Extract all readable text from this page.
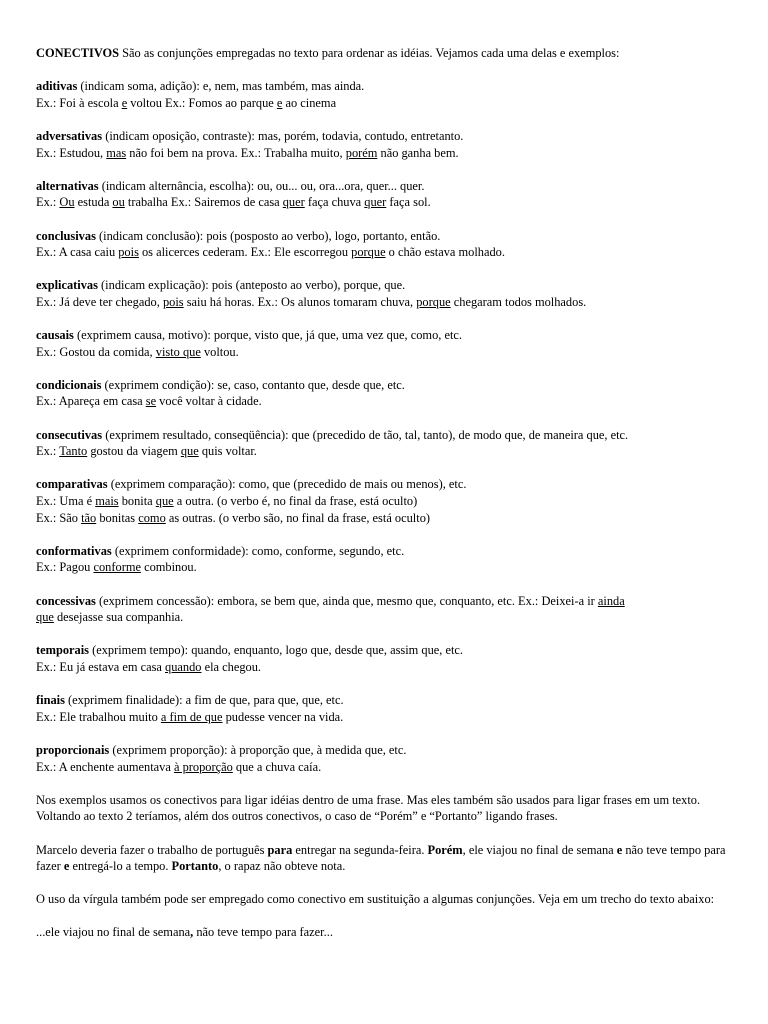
CONECTIVOS São as conjunções empregadas no texto para ordenar as idéias. Vejamos cada uma delas e exemplos:
aditivas (indicam soma, adição): e, nem, mas também, mas ainda.
Ex.: Foi à escola e voltou Ex.: Fomos ao parque e ao cinema
adversativas (indicam oposição, contraste): mas, porém, todavia, contudo, entretanto.
Ex.: Estudou, mas não foi bem na prova. Ex.: Trabalha muito, porém não ganha bem.
alternativas (indicam alternância, escolha): ou, ou... ou, ora...ora, quer... quer.
Ex.: Ou estuda ou trabalha Ex.: Sairemos de casa quer faça chuva quer faça sol.
conclusivas (indicam conclusão): pois (posposto ao verbo), logo, portanto, então.
Ex.: A casa caiu pois os alicerces cederam. Ex.: Ele escorregou porque o chão estava molhado.
explicativas (indicam explicação): pois (anteposto ao verbo), porque, que.
Ex.: Já deve ter chegado, pois saiu há horas. Ex.: Os alunos tomaram chuva, porque chegaram todos molhados.
causais (exprimem causa, motivo): porque, visto que, já que, uma vez que, como, etc.
Ex.: Gostou da comida, visto que voltou.
condicionais (exprimem condição): se, caso, contanto que, desde que, etc.
Ex.: Apareça em casa se você voltar à cidade.
consecutivas (exprimem resultado, conseqüência): que (precedido de tão, tal, tanto), de modo que, de maneira que, etc.
Ex.: Tanto gostou da viagem que quis voltar.
comparativas (exprimem comparação): como, que (precedido de mais ou menos), etc.
Ex.: Uma é mais bonita que a outra. (o verbo é, no final da frase, está oculto)
Ex.: São tão bonitas como as outras. (o verbo são, no final da frase, está oculto)
conformativas (exprimem conformidade): como, conforme, segundo, etc.
Ex.: Pagou conforme combinou.
concessivas (exprimem concessão): embora, se bem que, ainda que, mesmo que, conquanto, etc. Ex.: Deixei-a ir ainda
que desejasse sua companhia.
temporais (exprimem tempo): quando, enquanto, logo que, desde que, assim que, etc.
Ex.: Eu já estava em casa quando ela chegou.
finais (exprimem finalidade): a fim de que, para que, que, etc.
Ex.: Ele trabalhou muito a fim de que pudesse vencer na vida.
proporcionais (exprimem proporção): à proporção que, à medida que, etc.
Ex.: A enchente aumentava à proporção que a chuva caía.
Nos exemplos usamos os conectivos para ligar idéias dentro de uma frase. Mas eles também são usados para ligar frases em um texto. Voltando ao texto 2 teríamos, além dos outros conectivos, o caso de “Porém” e “Portanto” ligando frases.
Marcelo deveria fazer o trabalho de português para entregar na segunda-feira. Porém, ele viajou no final de semana e não teve tempo para fazer e entregá-lo a tempo. Portanto, o rapaz não obteve nota.
O uso da vírgula também pode ser empregado como conectivo em sustituição a algumas conjunções. Veja em um trecho do texto abaixo:
...ele viajou no final de semana, não teve tempo para fazer...
